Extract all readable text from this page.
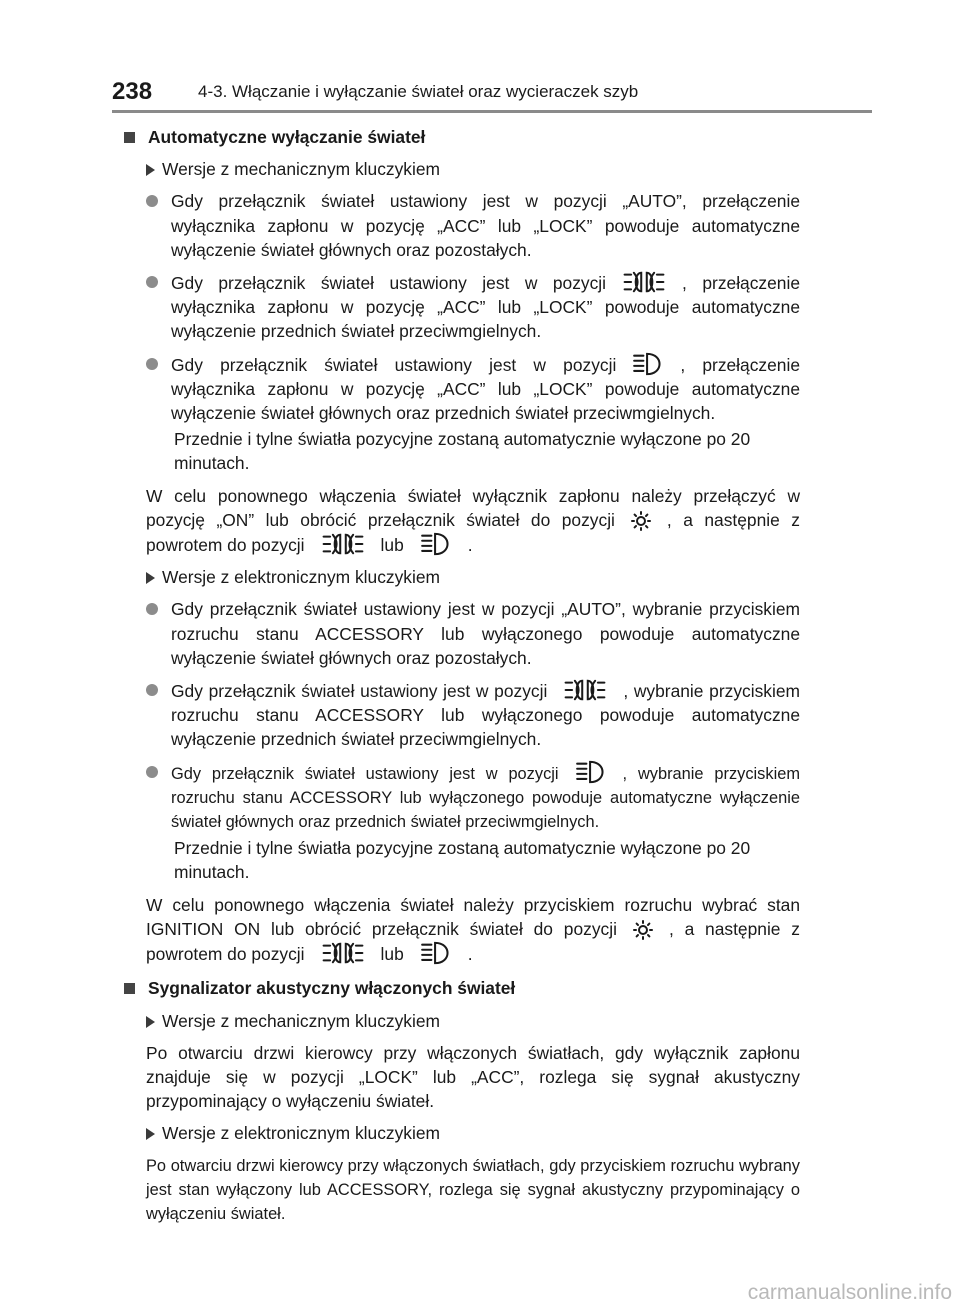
238	4-3. Włączanie i wyłączanie świateł oraz wycieraczek szyb
Automatyczne wyłączanie świateł
Wersje z mechanicznym kluczykiem
Gdy przełącznik świateł ustawiony jest w pozycji „AUTO”, przełączenie wyłącznika zapłonu w pozycję „ACC” lub „LOCK” powoduje automatyczne wyłączenie świateł głównych oraz pozostałych.
Gdy przełącznik świateł ustawiony jest w pozycji	, przełączenie wyłącznika zapłonu w pozycję „ACC” lub „LOCK” powoduje automatyczne wyłączenie przednich świateł przeciwmgielnych.
Gdy przełącznik świateł ustawiony jest w pozycji	, przełączenie wyłącznika zapłonu w pozycję „ACC” lub „LOCK” powoduje automatyczne wyłączenie świateł głównych oraz przednich świateł przeciwmgielnych.
Przednie i tylne światła pozycyjne zostaną automatycznie wyłączone po 20 minutach.
W celu ponownego włączenia świateł wyłącznik zapłonu należy przełączyć w pozycję „ON” lub obrócić przełącznik świateł do pozycji	, a następnie z powrotem do pozycji	lub	.
Wersje z elektronicznym kluczykiem
Gdy przełącznik świateł ustawiony jest w pozycji „AUTO”, wybranie przyciskiem rozruchu stanu ACCESSORY lub wyłączonego powoduje automatyczne wyłączenie świateł głównych oraz pozostałych.
Gdy przełącznik świateł ustawiony jest w pozycji	, wybranie przyciskiem rozruchu stanu ACCESSORY lub wyłączonego powoduje automatyczne wyłączenie przednich świateł przeciwmgielnych.
Gdy przełącznik świateł ustawiony jest w pozycji	, wybranie przyciskiem rozruchu stanu ACCESSORY lub wyłączonego powoduje automatyczne wyłączenie świateł głównych oraz przednich świateł przeciwmgielnych.
Przednie i tylne światła pozycyjne zostaną automatycznie wyłączone po 20 minutach.
W celu ponownego włączenia świateł należy przyciskiem rozruchu wybrać stan IGNITION ON lub obrócić przełącznik świateł do pozycji	, a następnie z powrotem do pozycji	lub	.
Sygnalizator akustyczny włączonych świateł
Wersje z mechanicznym kluczykiem
Po otwarciu drzwi kierowcy przy włączonych światłach, gdy wyłącznik zapłonu znajduje się w pozycji „LOCK” lub „ACC”, rozlega się sygnał akustyczny przypominający o wyłączeniu świateł.
Wersje z elektronicznym kluczykiem
Po otwarciu drzwi kierowcy przy włączonych światłach, gdy przyciskiem rozruchu wybrany jest stan wyłączony lub ACCESSORY, rozlega się sygnał akustyczny przypominający o wyłączeniu świateł.
carmanualsonline.info
